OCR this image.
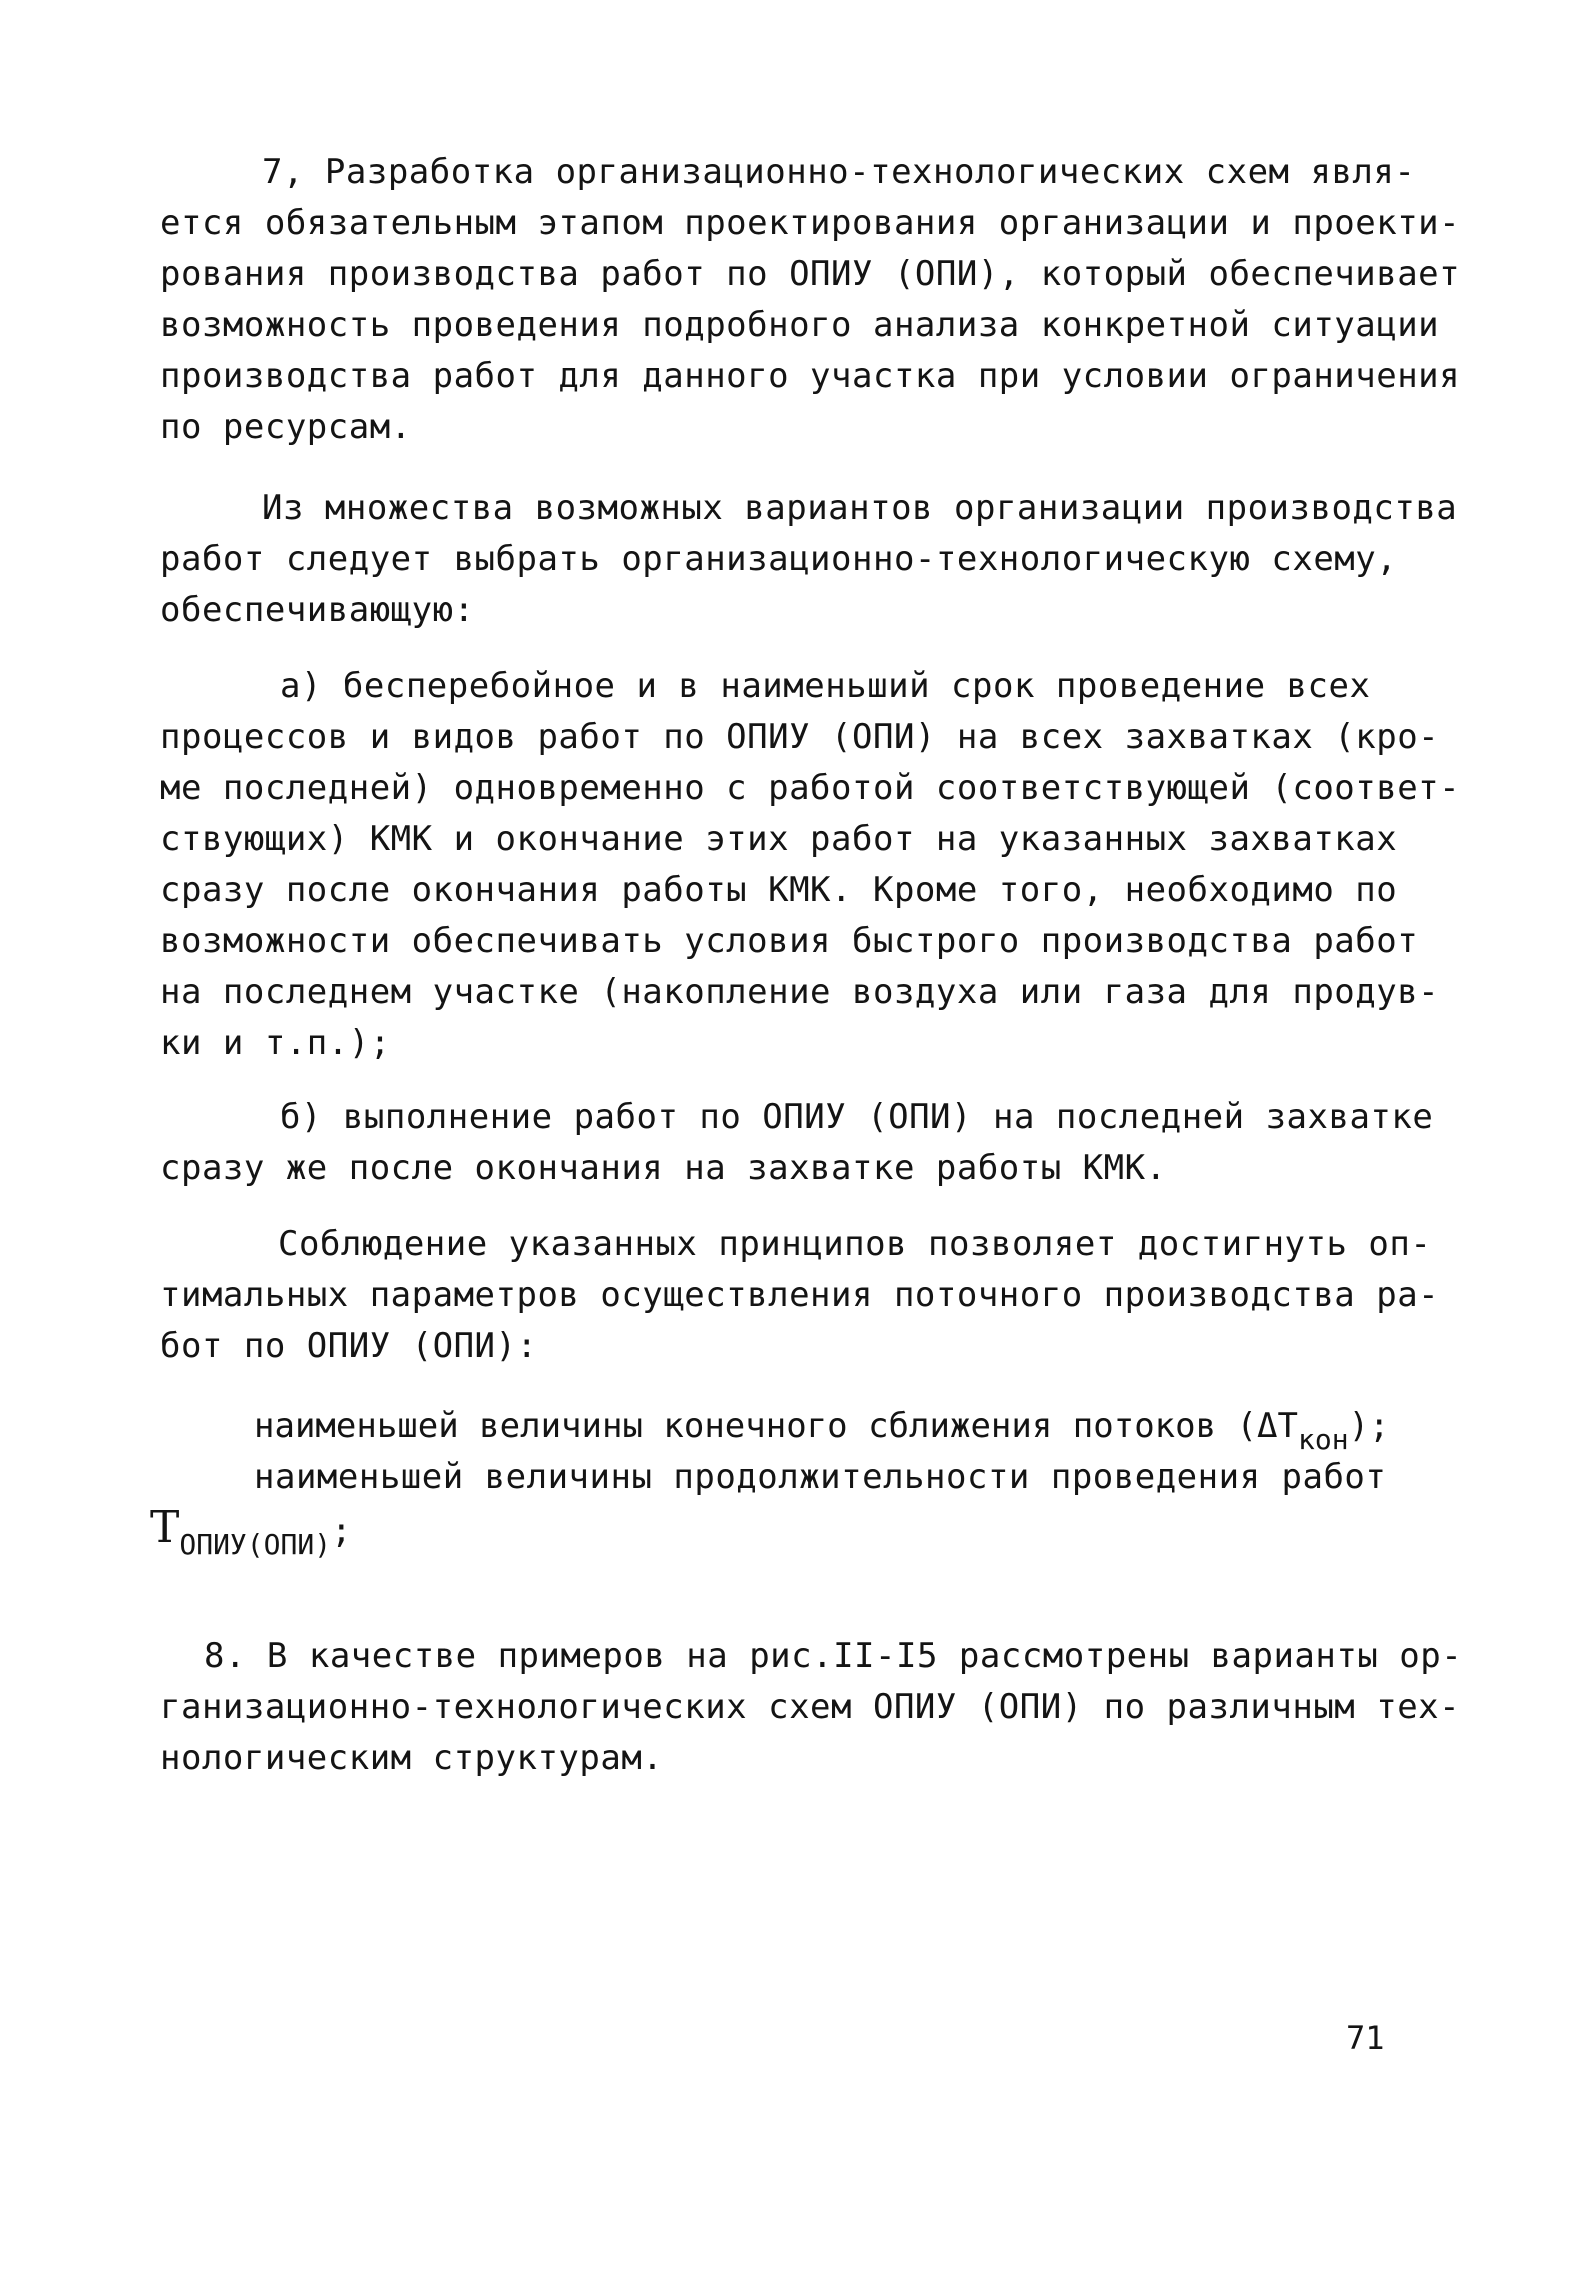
7, Разработка организационно-технологических схем явля-
ется обязательным этапом проектирования организации и проекти-
рования производства работ по ОПИУ (ОПИ), который обеспечивает
возможность проведения подробного анализа конкретной ситуации
производства работ для данного участка при условии ограничения
по ресурсам.
Из множества возможных вариантов организации производства
работ следует выбрать организационно-технологическую схему,
обеспечивающую:
а) бесперебойное и в наименьший срок проведение всех
процессов и видов работ по ОПИУ (ОПИ) на всех захватках (кро-
ме последней) одновременно с работой соответствующей (соответ-
ствующих) КМК и окончание этих работ на указанных захватках
сразу после окончания работы КМК. Кроме того, необходимо по
возможности обеспечивать условия быстрого производства работ
на последнем участке (накопление воздуха или газа для продув-
ки и т.п.);
б) выполнение работ по ОПИУ (ОПИ) на последней захватке
сразу же после окончания на захватке работы КМК.
Соблюдение указанных принципов позволяет достигнуть оп-
тимальных параметров осуществления поточного производства ра-
бот по ОПИУ (ОПИ):
наименьшей величины конечного сближения потоков $(\Delta T_{кон})$;
наименьшей величины продолжительности проведения работ
$T_{ОПИУ(ОПИ)}$;
8. В качестве примеров на рис.II-I5 рассмотрены варианты ор-
ганизационно-технологических схем ОПИУ (ОПИ) по различным тех-
нологическим структурам.
71
